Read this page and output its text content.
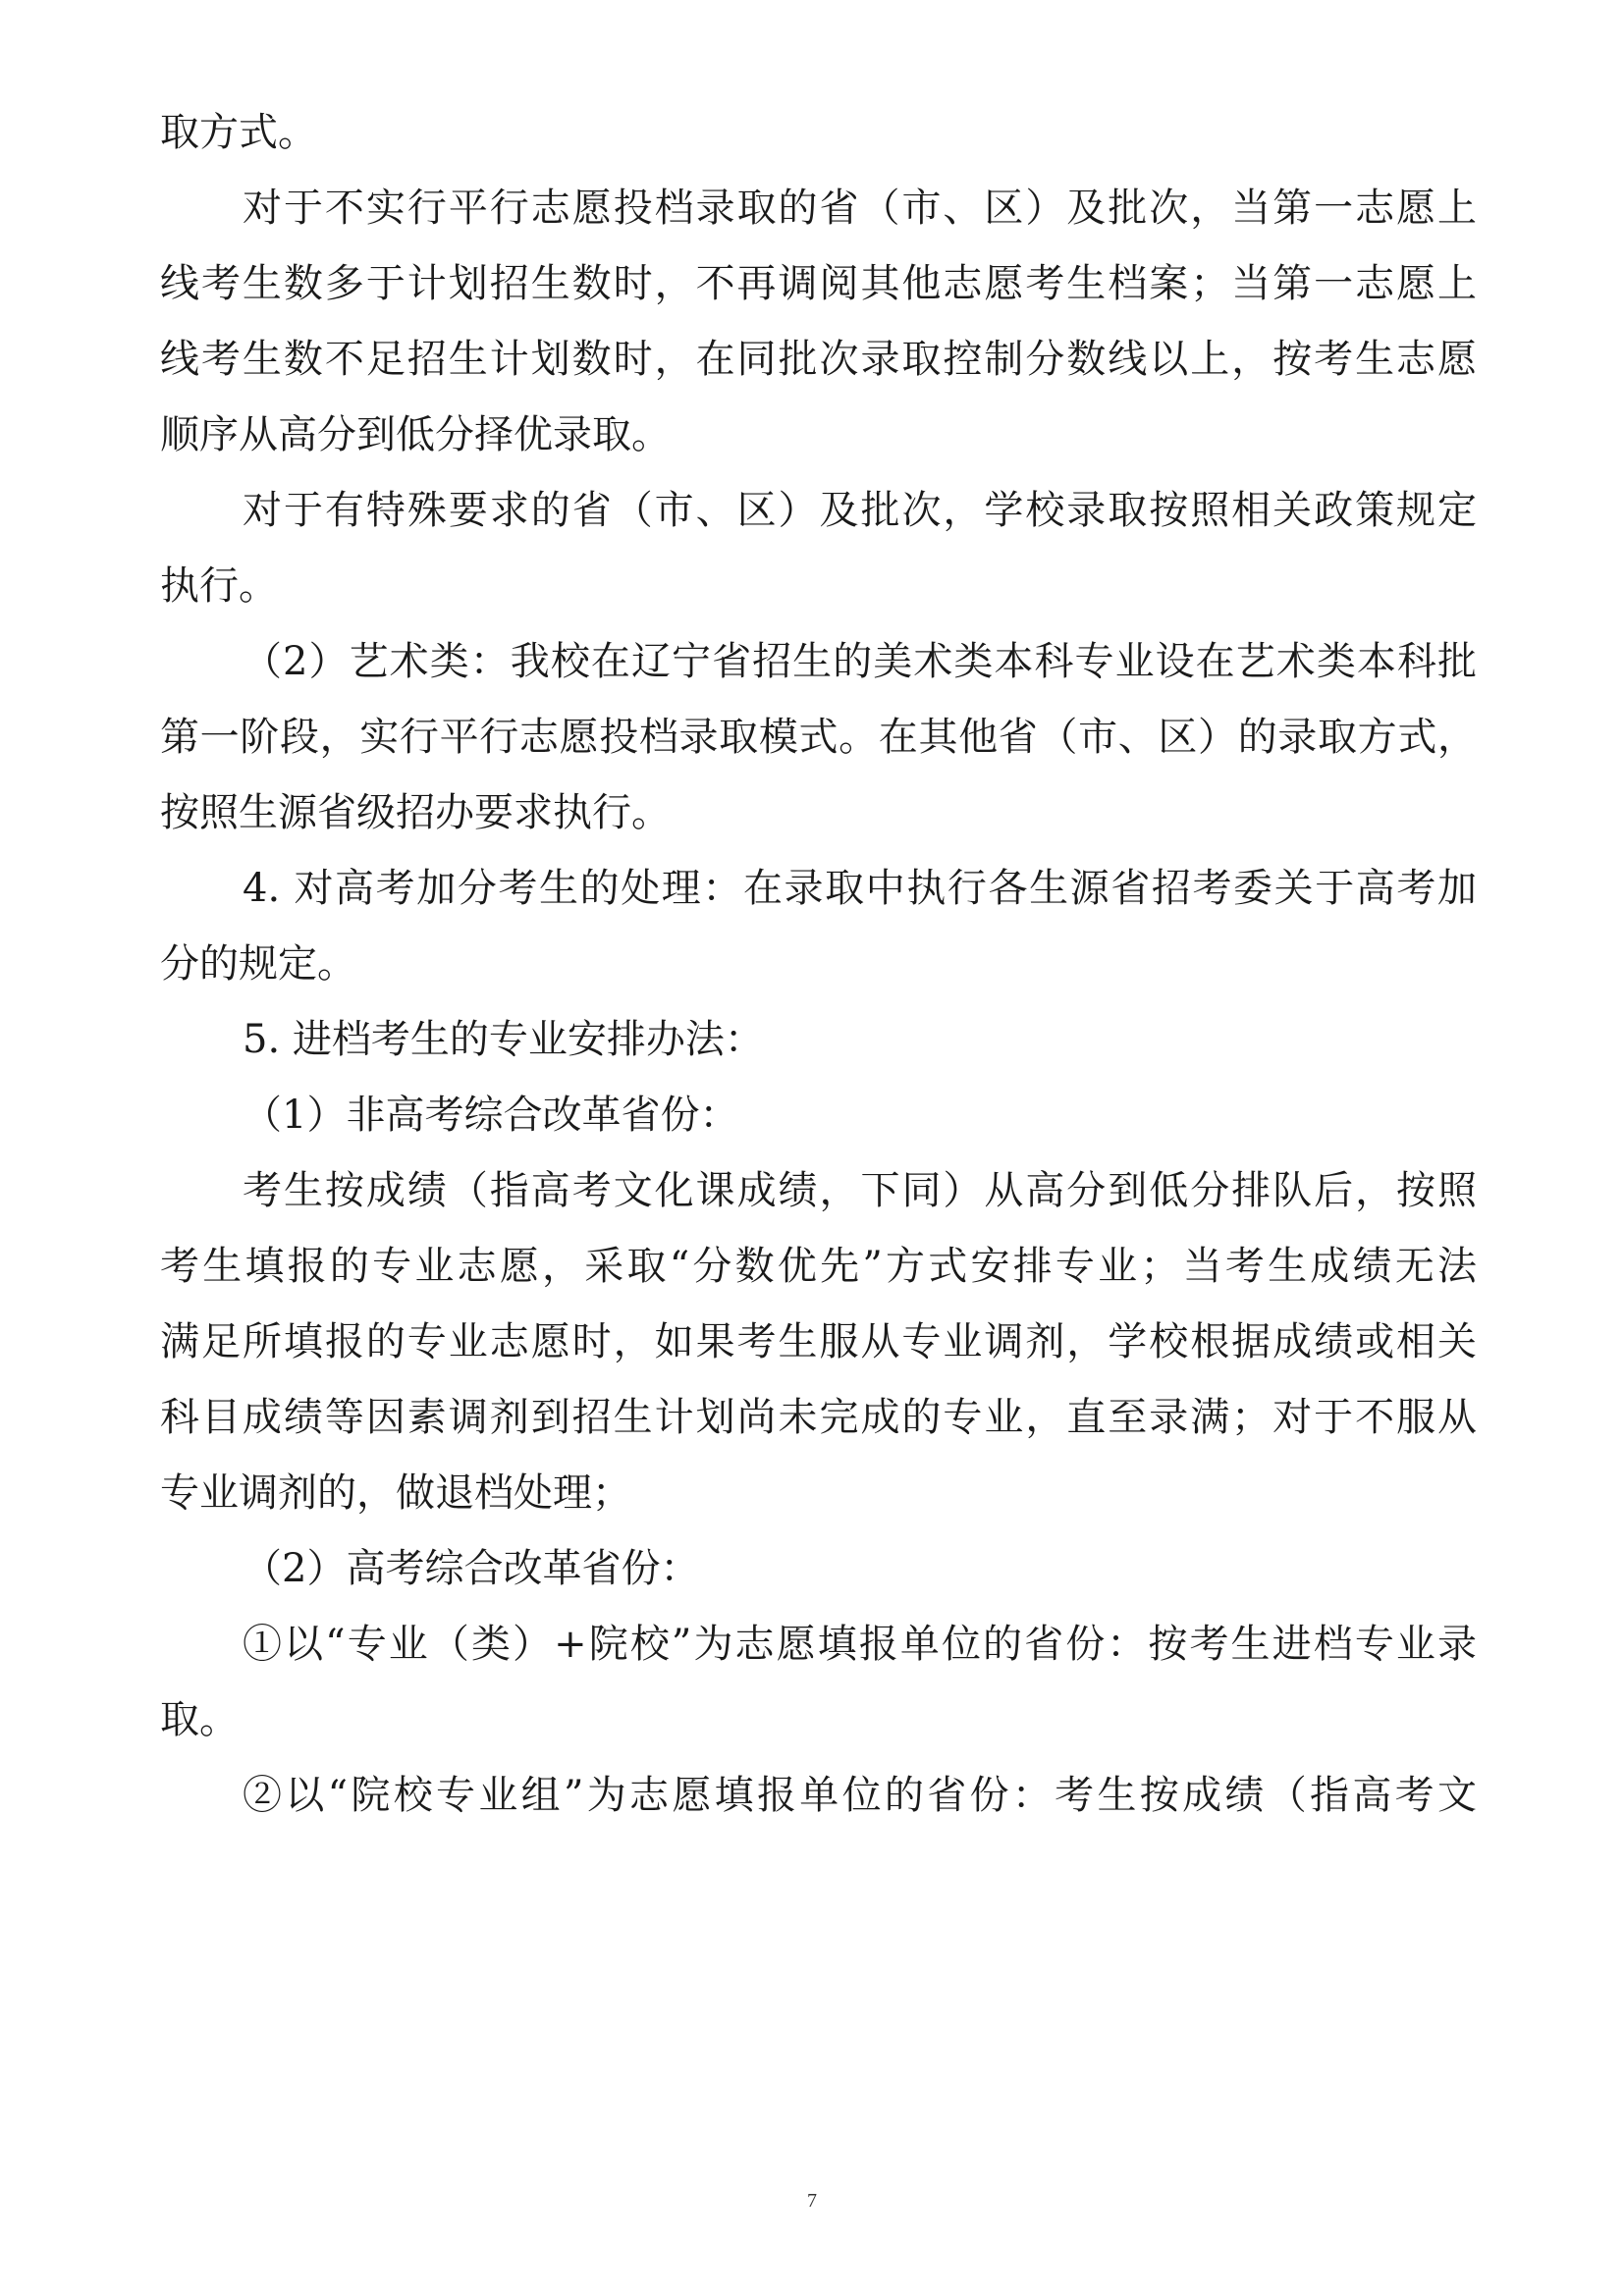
取方式。
对于不实行平行志愿投档录取的省（市、区）及批次，当第一志愿上
线考生数多于计划招生数时，不再调阅其他志愿考生档案；当第一志愿上
线考生数不足招生计划数时，在同批次录取控制分数线以上，按考生志愿
顺序从高分到低分择优录取。
对于有特殊要求的省（市、区）及批次，学校录取按照相关政策规定
执行。
（2）艺术类：我校在辽宁省招生的美术类本科专业设在艺术类本科批
第一阶段，实行平行志愿投档录取模式。在其他省（市、区）的录取方式，
按照生源省级招办要求执行。
4. 对高考加分考生的处理：在录取中执行各生源省招考委关于高考加
分的规定。
5. 进档考生的专业安排办法：
（1）非高考综合改革省份：
考生按成绩（指高考文化课成绩，下同）从高分到低分排队后，按照
考生填报的专业志愿，采取“分数优先”方式安排专业；当考生成绩无法
满足所填报的专业志愿时，如果考生服从专业调剂，学校根据成绩或相关
科目成绩等因素调剂到招生计划尚未完成的专业，直至录满；对于不服从
专业调剂的，做退档处理；
（2）高考综合改革省份：
①以“专业（类）+院校”为志愿填报单位的省份：按考生进档专业录
取。
②以“院校专业组”为志愿填报单位的省份：考生按成绩（指高考文
7
